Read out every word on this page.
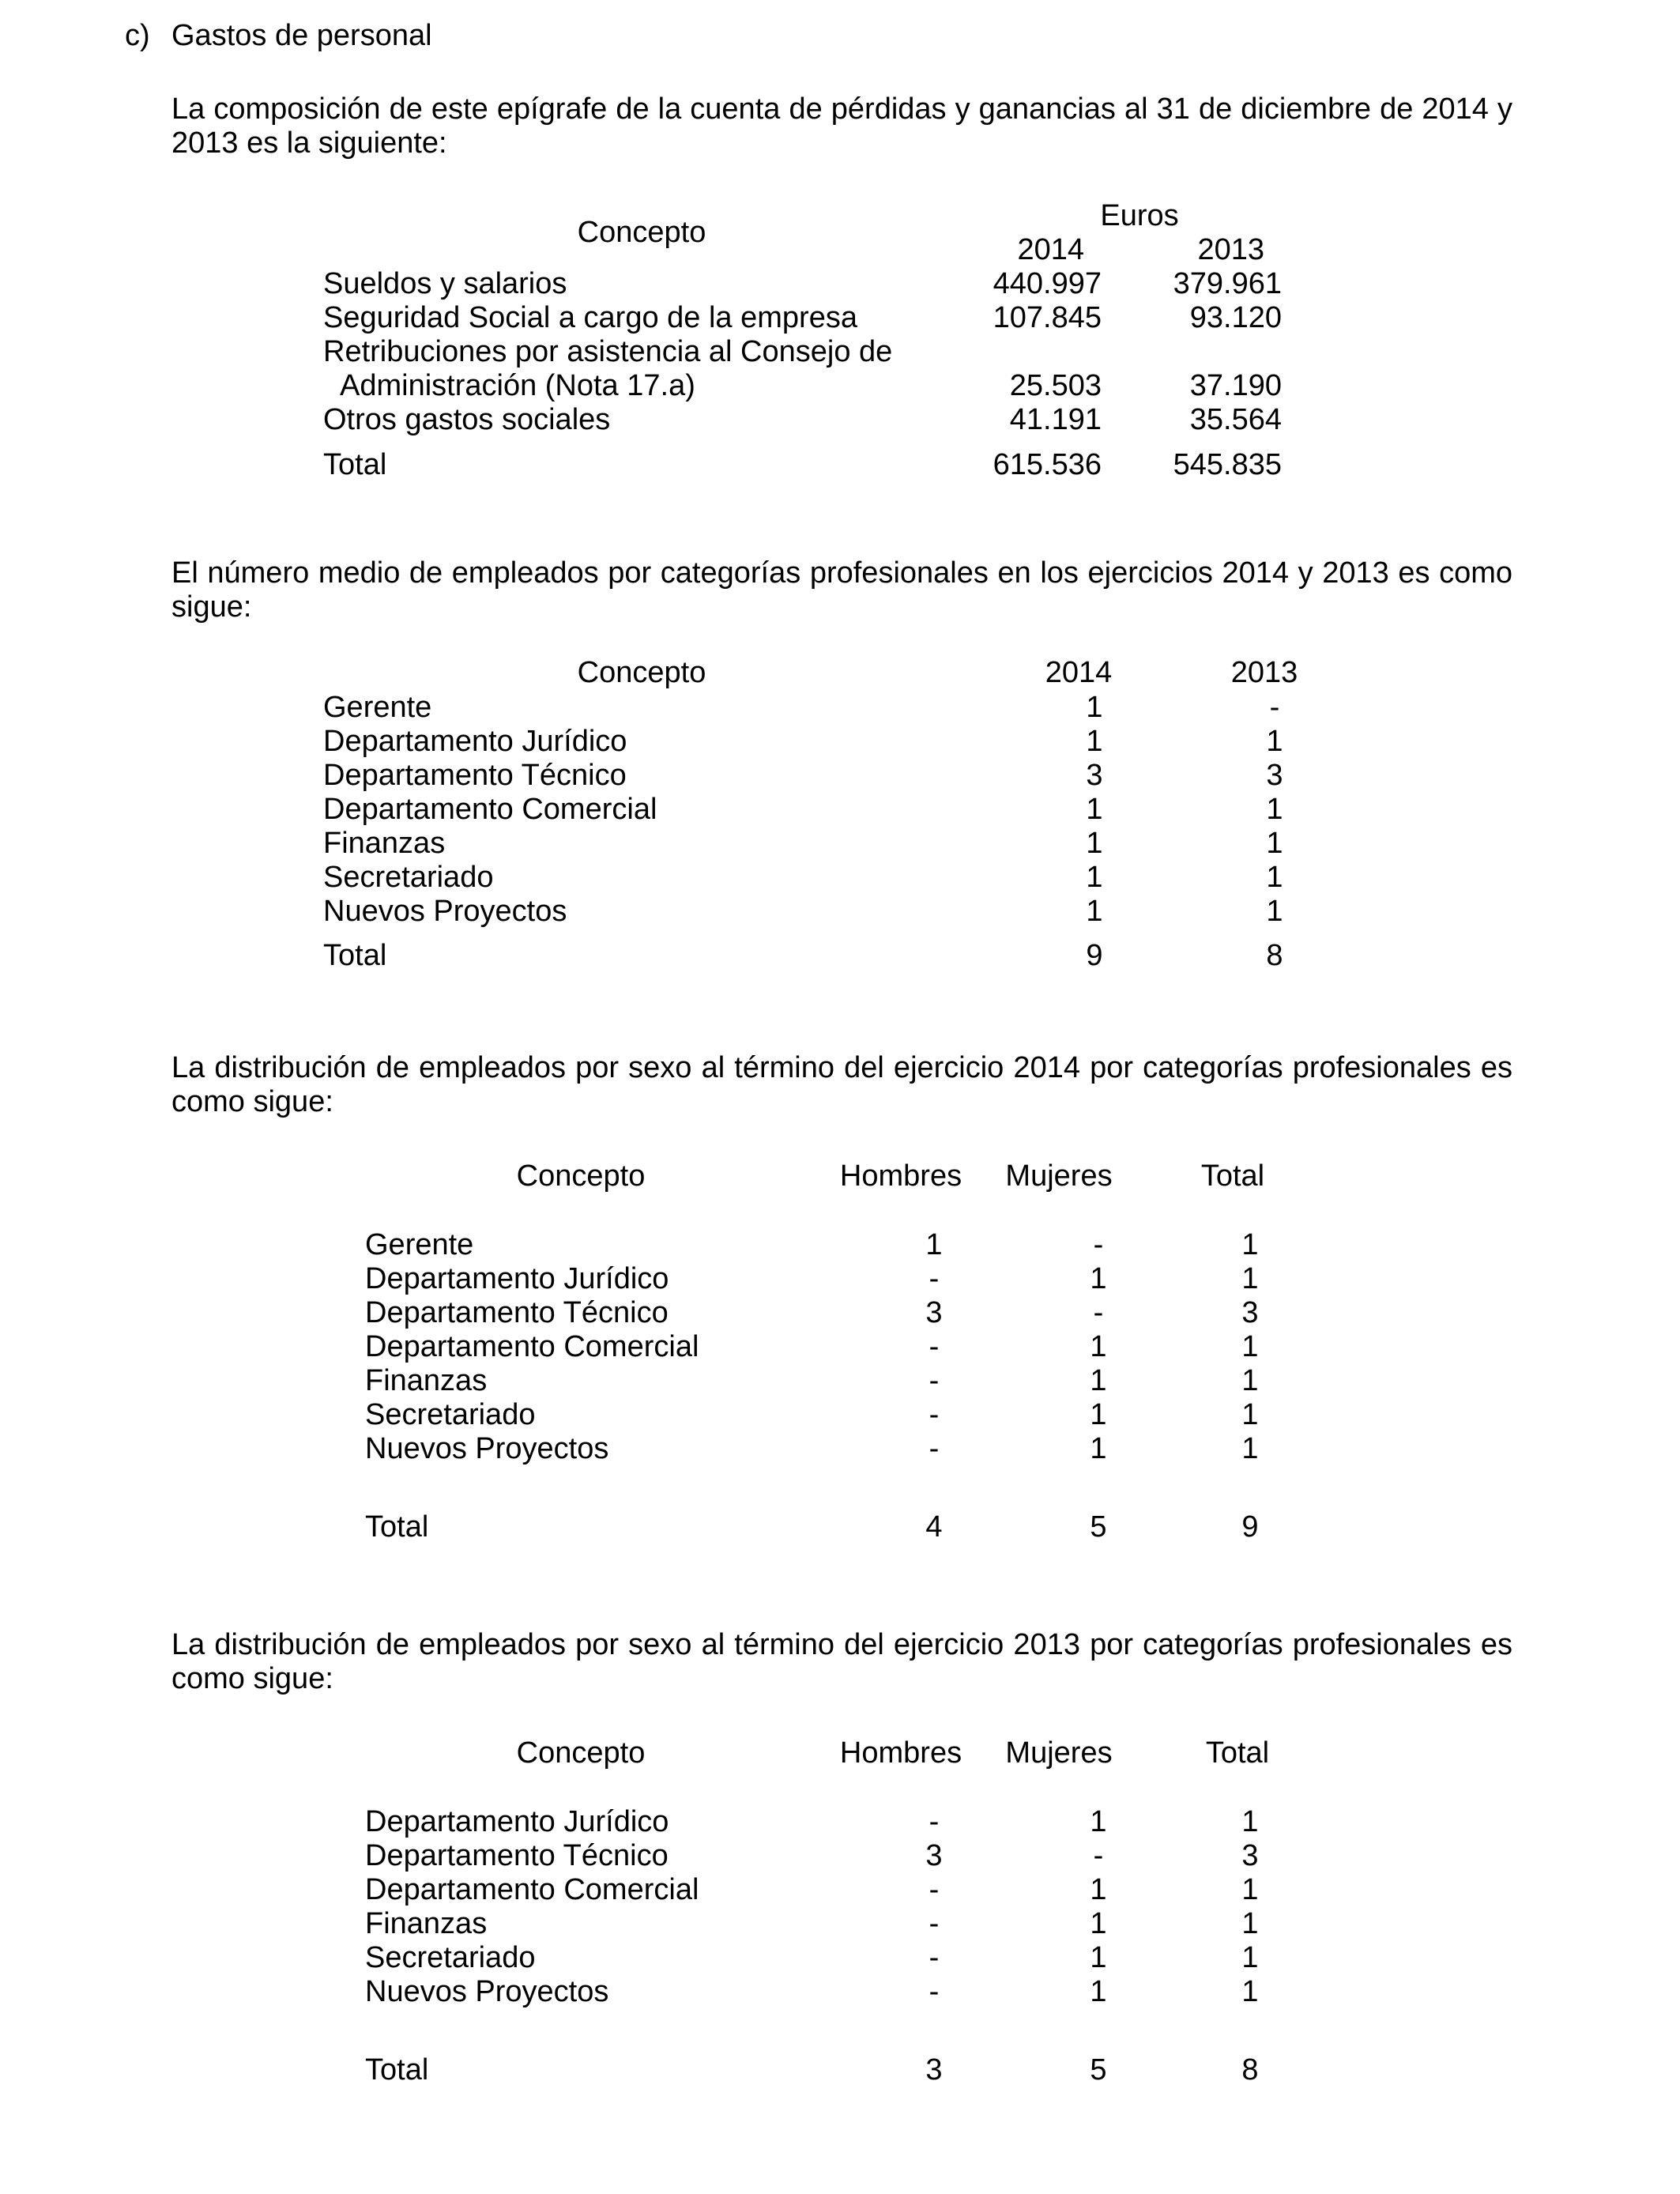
c) Gastos de personal
La composición de este epígrafe de la cuenta de pérdidas y ganancias al 31 de diciembre de 2014 y 2013 es la siguiente:
Concepto	Euros
2014	2013
Sueldos y salarios	440.997	379.961
Seguridad Social a cargo de la empresa	107.845	93.120
Retribuciones por asistencia al Consejo de
Administración (Nota 17.a)	25.503	37.190
Otros gastos sociales	41.191	35.564
Total	615.536	545.835
El número medio de empleados por categorías profesionales en los ejercicios 2014 y 2013 es como sigue:
Concepto	2014	2013
Gerente	1	-
Departamento Jurídico	1	1
Departamento Técnico	3	3
Departamento Comercial	1	1
Finanzas	1	1
Secretariado	1	1
Nuevos Proyectos	1	1
Total	9	8
La distribución de empleados por sexo al término del ejercicio 2014 por categorías profesionales es como sigue:
Concepto	Hombres	Mujeres	Total
Gerente	1	-	1
Departamento Jurídico	-	1	1
Departamento Técnico	3	-	3
Departamento Comercial	-	1	1
Finanzas	-	1	1
Secretariado	-	1	1
Nuevos Proyectos	-	1	1
Total	4	5	9
La distribución de empleados por sexo al término del ejercicio 2013 por categorías profesionales es como sigue:
Concepto	Hombres	Mujeres	Total
Departamento Jurídico	-	1	1
Departamento Técnico	3	-	3
Departamento Comercial	-	1	1
Finanzas	-	1	1
Secretariado	-	1	1
Nuevos Proyectos	-	1	1
Total	3	5	8
